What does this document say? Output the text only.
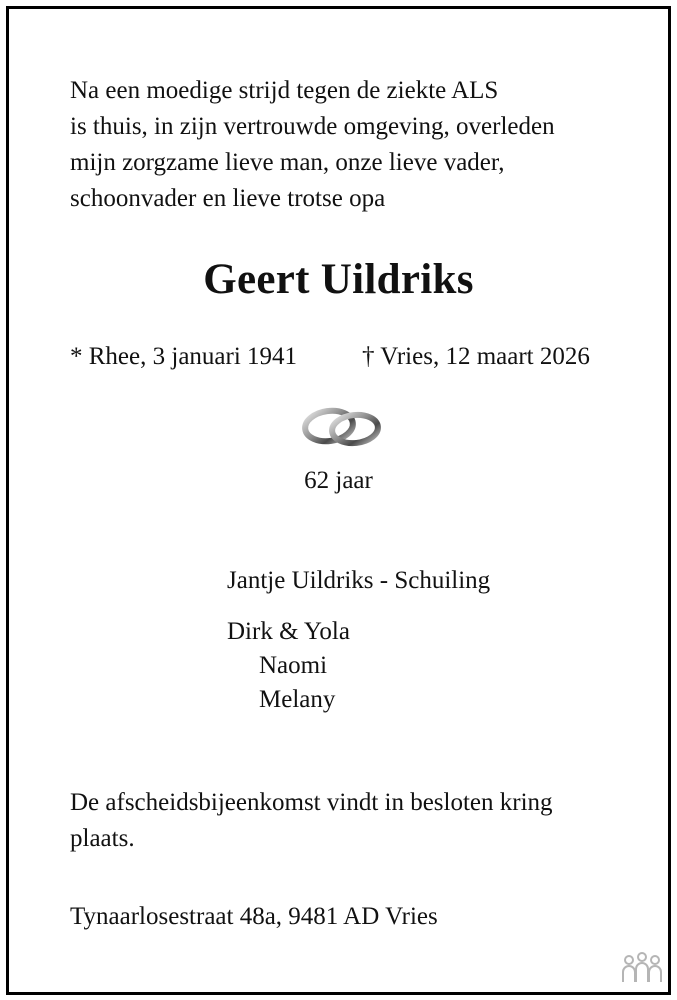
Na een moedige strijd tegen de ziekte ALS
is thuis, in zijn vertrouwde omgeving, overleden
mijn zorgzame lieve man, onze lieve vader,
schoonvader en lieve trotse opa
Geert Uildriks
* Rhee, 3 januari 1941	† Vries, 12 maart 2026
62 jaar
Jantje Uildriks - Schuiling
Dirk & Yola
Naomi
Melany
De afscheidsbijeenkomst vindt in besloten kring
plaats.
Tynaarlosestraat 48a, 9481 AD Vries
